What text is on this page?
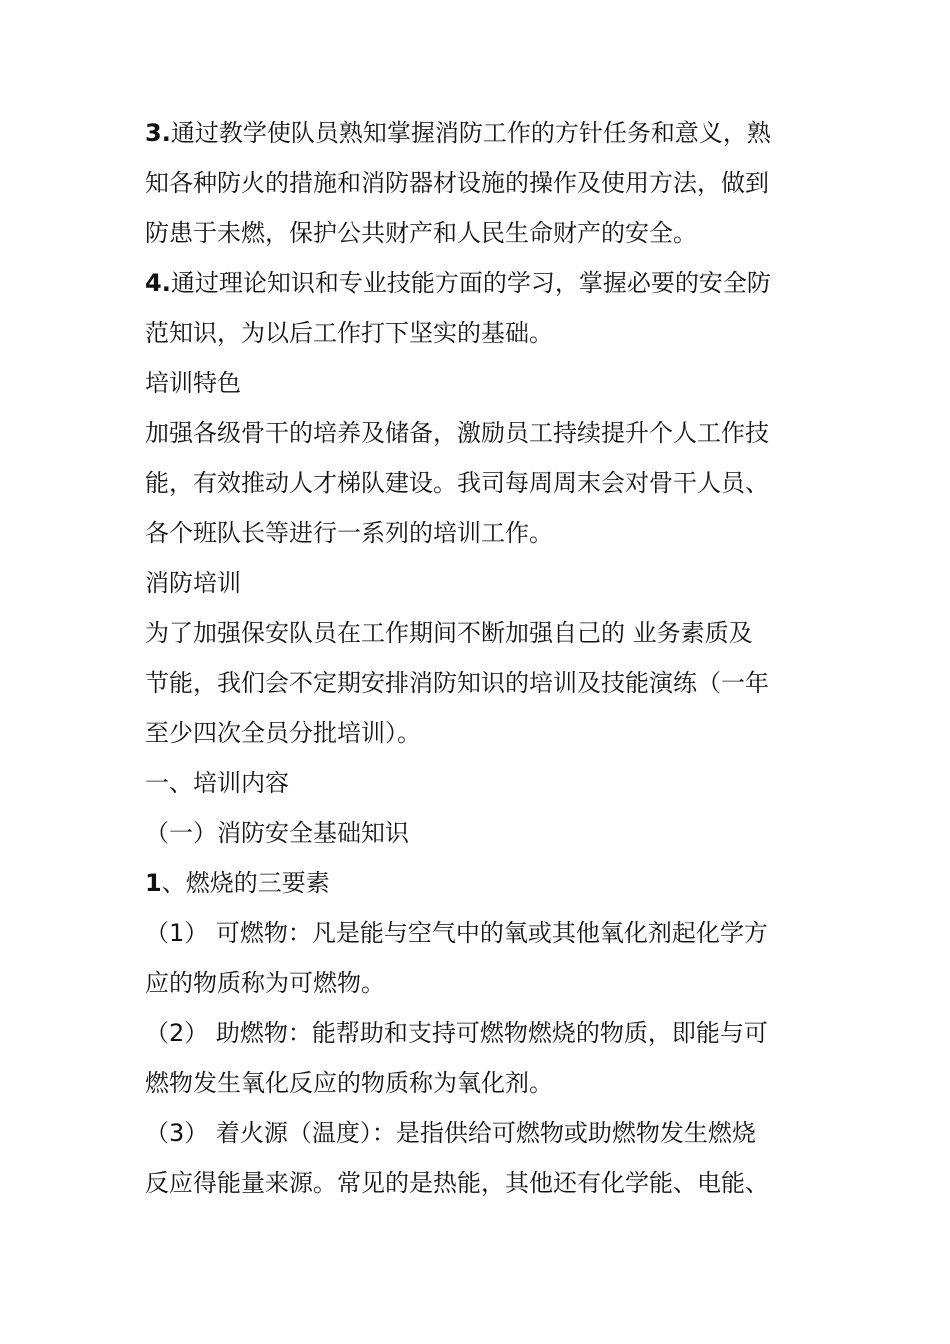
3.通过教学使队员熟知掌握消防工作的方针任务和意义，熟
知各种防火的措施和消防器材设施的操作及使用方法，做到
防患于未燃，保护公共财产和人民生命财产的安全。
4.通过理论知识和专业技能方面的学习，掌握必要的安全防
范知识，为以后工作打下坚实的基础。
培训特色
加强各级骨干的培养及储备，激励员工持续提升个人工作技
能，有效推动人才梯队建设。我司每周周末会对骨干人员、
各个班队长等进行一系列的培训工作。
消防培训
为了加强保安队员在工作期间不断加强自己的 业务素质及
节能，我们会不定期安排消防知识的培训及技能演练（一年
至少四次全员分批培训）。
一、培训内容
（一）消防安全基础知识
1、燃烧的三要素
（1） 可燃物：凡是能与空气中的氧或其他氧化剂起化学方
应的物质称为可燃物。
（2） 助燃物：能帮助和支持可燃物燃烧的物质，即能与可
燃物发生氧化反应的物质称为氧化剂。
（3） 着火源（温度）：是指供给可燃物或助燃物发生燃烧
反应得能量来源。常见的是热能，其他还有化学能、电能、
